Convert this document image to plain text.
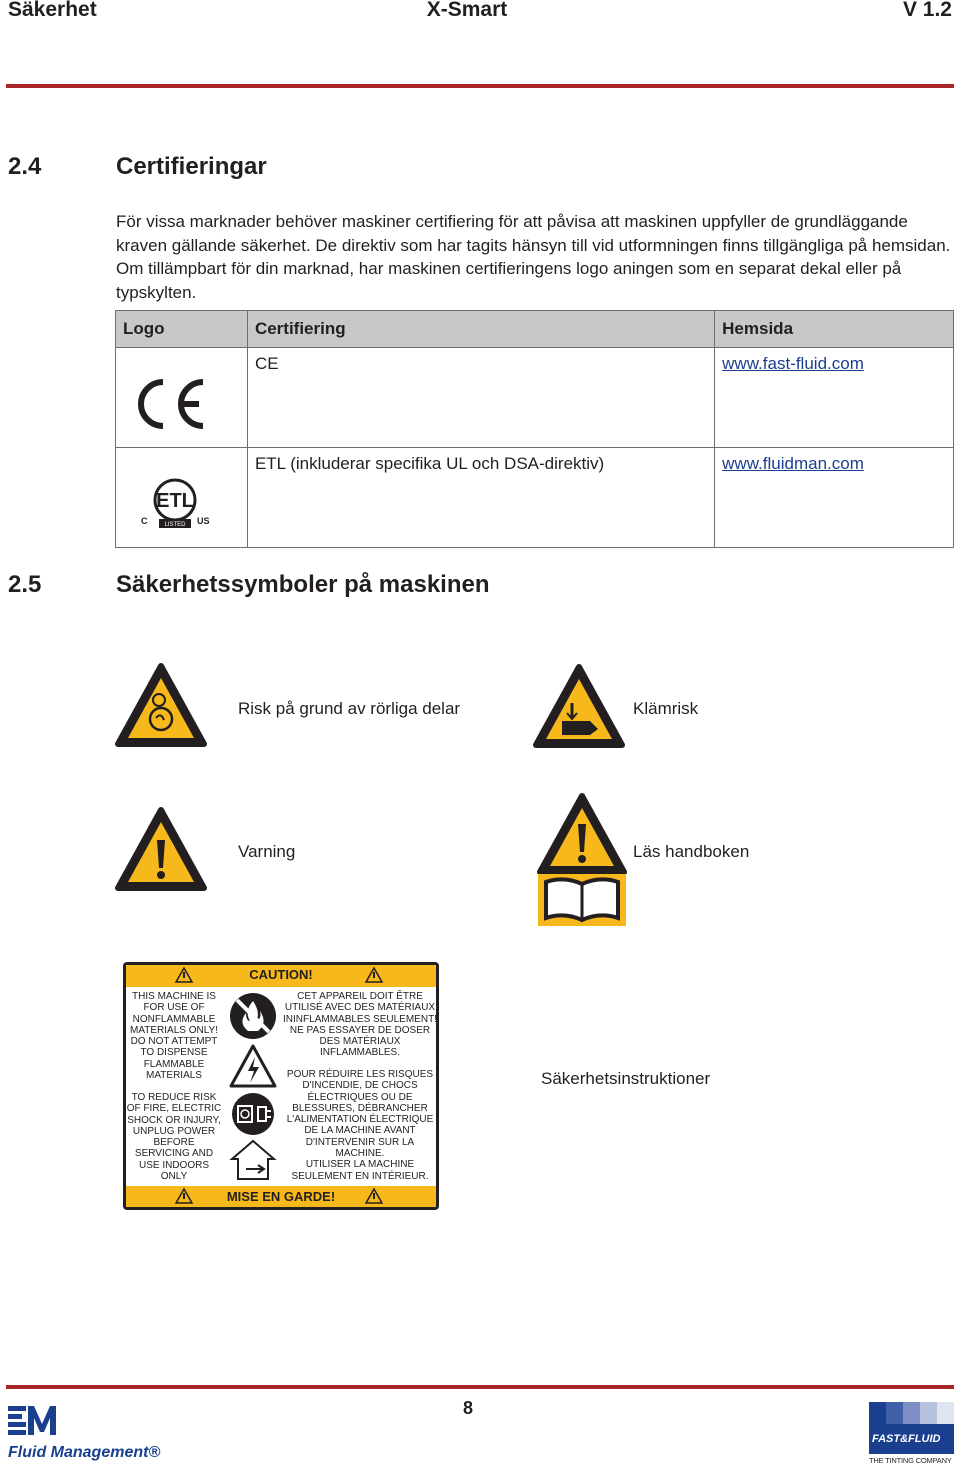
Säkerhet	X-Smart	V 1.2
2.4	Certifieringar

För vissa marknader behöver maskiner certifiering för att påvisa att maskinen uppfyller de grundläggande kraven gällande säkerhet. De direktiv som har tagits hänsyn till vid utformningen finns tillgängliga på hemsidan. Om tillämpbart för din marknad, har maskinen certifieringens logo aningen som en separat dekal eller på typskylten.

Logo	Certifiering	Hemsida
	CE	www.fast-fluid.com

ETL
LISTED
C US	ETL (inkluderar specifika UL och DSA-direktiv)	www.fluidman.com
2.5	Säkerhetssymboler på maskinen
Risk på grund av rörliga delar	Klämrisk
Varning	Läs handboken
CAUTION!
MISE EN GARDE!
THIS MACHINE IS
FOR USE OF
NONFLAMMABLE
MATERIALS ONLY!
DO NOT ATTEMPT
TO DISPENSE
FLAMMABLE
MATERIALS
TO REDUCE RISK
OF FIRE, ELECTRIC
SHOCK OR INJURY,
UNPLUG POWER
BEFORE
SERVICING AND
USE INDOORS
ONLY
CET APPAREIL DOIT ÊTRE
UTILISÉ AVEC DES MATÉRIAUX
ININFLAMMABLES SEULEMENT!
NE PAS ESSAYER DE DOSER
DES MATÉRIAUX
INFLAMMABLES.
POUR RÉDUIRE LES RISQUES
D'INCENDIE, DE CHOCS
ÉLECTRIQUES OU DE
BLESSURES, DÉBRANCHER
L'ALIMENTATION ÉLECTRIQUE
DE LA MACHINE AVANT
D'INTERVENIR SUR LA
MACHINE.
UTILISER LA MACHINE
SEULEMENT EN INTÉRIEUR.
Säkerhetsinstruktioner
8
Fluid Management®
FAST&FLUID
THE TINTING COMPANY
